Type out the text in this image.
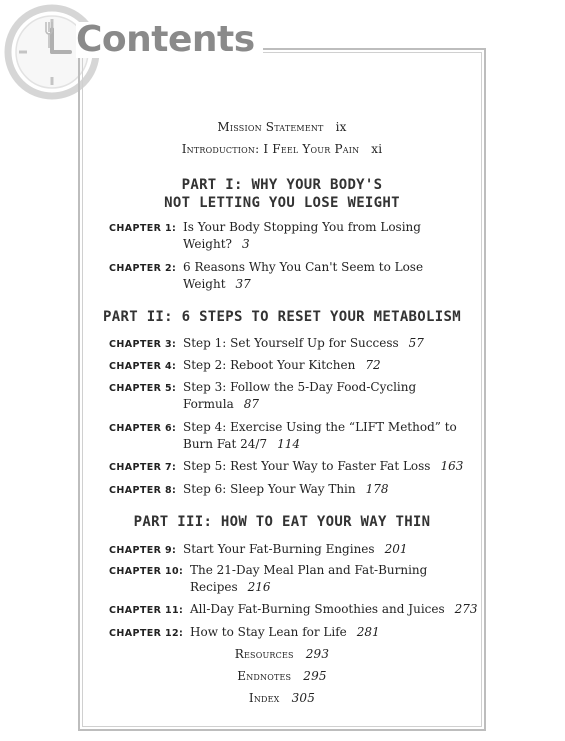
Contents
Mission Statement ix
Introduction: I Feel Your Pain xi
PART I: WHY YOUR BODY'S
NOT LETTING YOU LOSE WEIGHT
CHAPTER 1: Is Your Body Stopping You from Losing
Weight? 3
CHAPTER 2: 6 Reasons Why You Can't Seem to Lose
Weight 37
PART II: 6 STEPS TO RESET YOUR METABOLISM
CHAPTER 3: Step 1: Set Yourself Up for Success 57
CHAPTER 4: Step 2: Reboot Your Kitchen 72
CHAPTER 5: Step 3: Follow the 5-Day Food-Cycling
Formula 87
CHAPTER 6: Step 4: Exercise Using the “LIFT Method” to
Burn Fat 24/7 114
CHAPTER 7: Step 5: Rest Your Way to Faster Fat Loss 163
CHAPTER 8: Step 6: Sleep Your Way Thin 178
PART III: HOW TO EAT YOUR WAY THIN
CHAPTER 9: Start Your Fat-Burning Engines 201
CHAPTER 10: The 21-Day Meal Plan and Fat-Burning
Recipes 216
CHAPTER 11: All-Day Fat-Burning Smoothies and Juices 273
CHAPTER 12: How to Stay Lean for Life 281
Resources 293
Endnotes 295
Index 305
